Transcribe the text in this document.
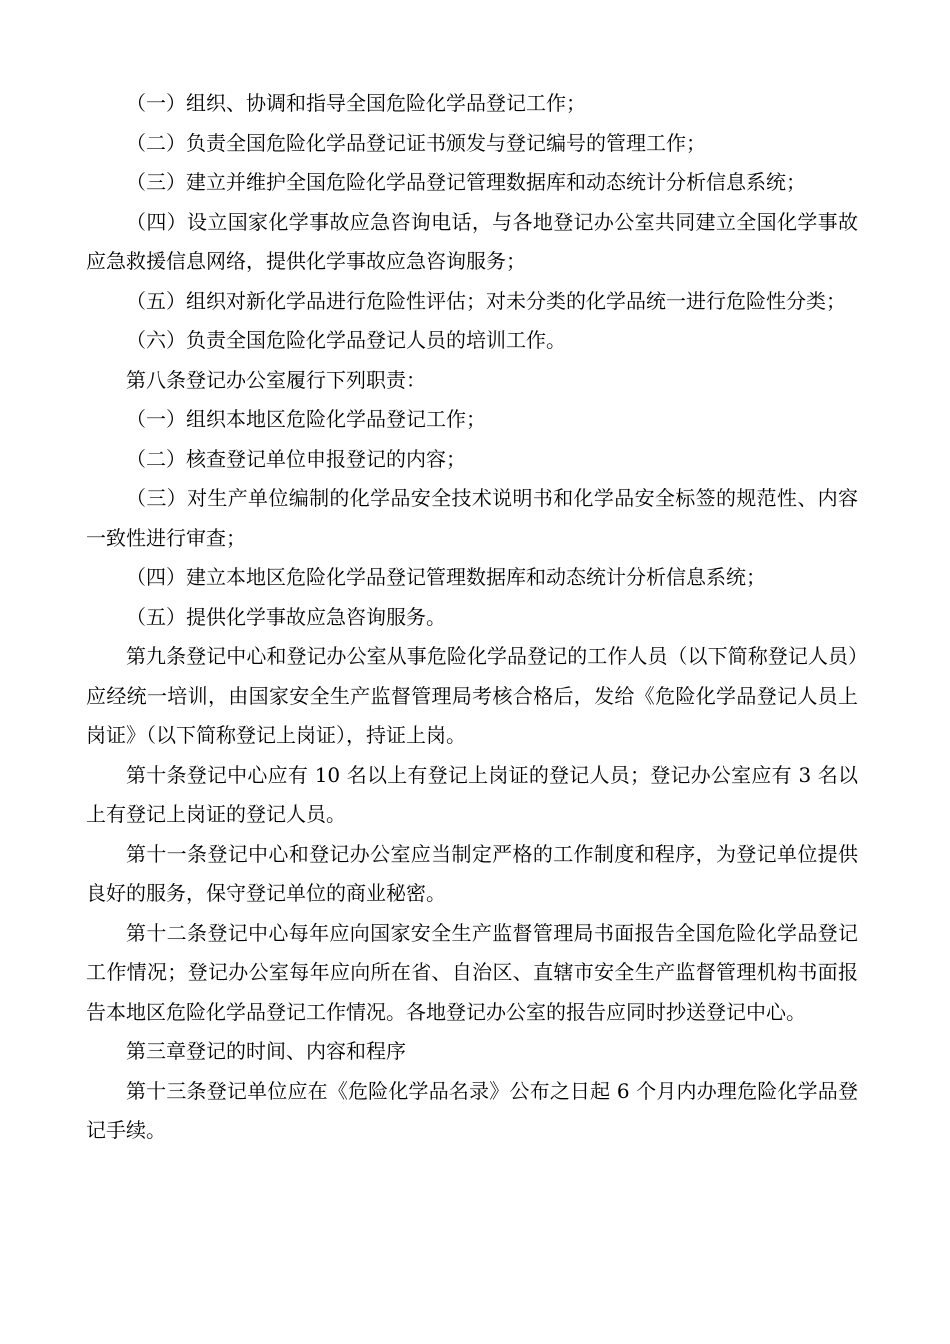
（一）组织、协调和指导全国危险化学品登记工作；

（二）负责全国危险化学品登记证书颁发与登记编号的管理工作；

（三）建立并维护全国危险化学品登记管理数据库和动态统计分析信息系统；

（四）设立国家化学事故应急咨询电话，与各地登记办公室共同建立全国化学事故应急救援信息网络，提供化学事故应急咨询服务；

（五）组织对新化学品进行危险性评估；对未分类的化学品统一进行危险性分类；

（六）负责全国危险化学品登记人员的培训工作。

第八条登记办公室履行下列职责：

（一）组织本地区危险化学品登记工作；

（二）核查登记单位申报登记的内容；

（三）对生产单位编制的化学品安全技术说明书和化学品安全标签的规范性、内容一致性进行审查；

（四）建立本地区危险化学品登记管理数据库和动态统计分析信息系统；

（五）提供化学事故应急咨询服务。

第九条登记中心和登记办公室从事危险化学品登记的工作人员（以下简称登记人员）应经统一培训，由国家安全生产监督管理局考核合格后，发给《危险化学品登记人员上岗证》（以下简称登记上岗证），持证上岗。

第十条登记中心应有 10 名以上有登记上岗证的登记人员；登记办公室应有 3 名以上有登记上岗证的登记人员。

第十一条登记中心和登记办公室应当制定严格的工作制度和程序，为登记单位提供良好的服务，保守登记单位的商业秘密。

第十二条登记中心每年应向国家安全生产监督管理局书面报告全国危险化学品登记工作情况；登记办公室每年应向所在省、自治区、直辖市安全生产监督管理机构书面报告本地区危险化学品登记工作情况。各地登记办公室的报告应同时抄送登记中心。

第三章登记的时间、内容和程序

第十三条登记单位应在《危险化学品名录》公布之日起 6 个月内办理危险化学品登记手续。
